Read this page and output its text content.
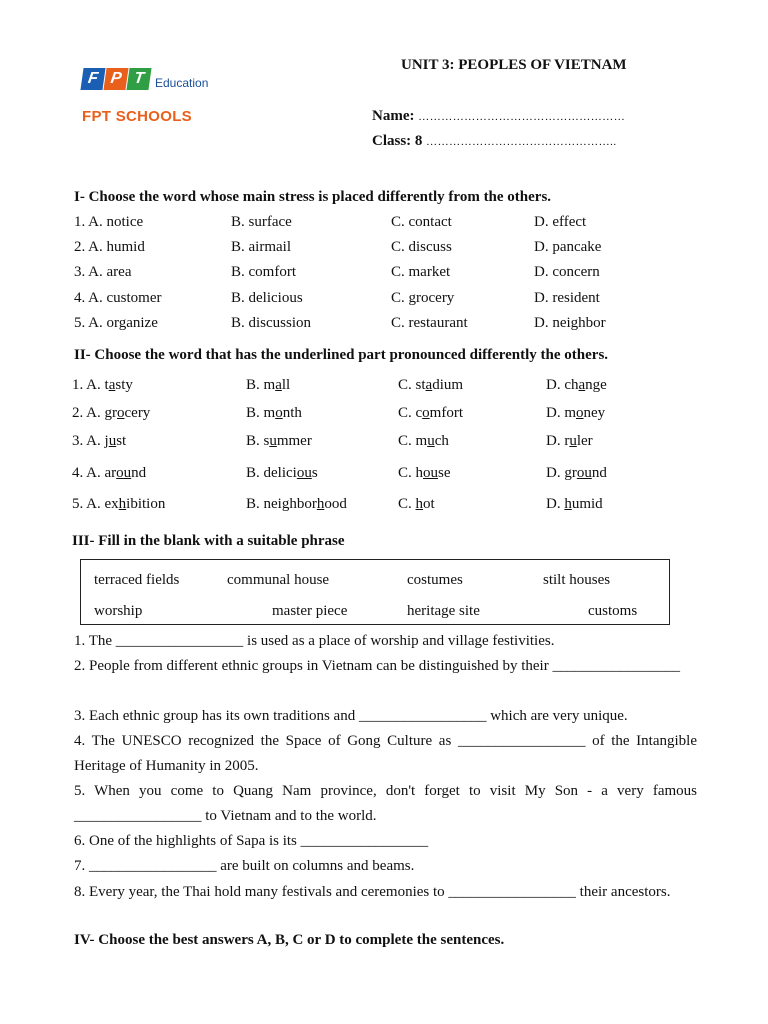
F P T Education
FPT SCHOOLS
UNIT 3: PEOPLES OF VIETNAM
Name: ………………………………………………
Class: 8 …………………………………………..
I- Choose the word whose main stress is placed differently from the others.
1. A. notice	B. surface	C. contact	D. effect
2. A. humid	B. airmail	C. discuss	D. pancake
3. A. area	B. comfort	C. market	D. concern
4. A. customer	B. delicious	C. grocery	D. resident
5. A. organize	B. discussion	C. restaurant	D. neighbor
II- Choose the word that has the underlined part pronounced differently the others.
1. A. tasty	B. mall	C. stadium	D. change
2. A. grocery	B. month	C. comfort	D. money
3. A. just	B. summer	C. much	D. ruler
4. A. around	B. delicious	C. house	D. ground
5. A. exhibition	B. neighborhood	C. hot	D. humid
III- Fill in the blank with a suitable phrase
terraced fields	communal house	costumes	stilt houses
worship	master piece	heritage site	customs
1. The _________________ is used as a place of worship and village festivities.
2. People from different ethnic groups in Vietnam can be distinguished by their _________________
3. Each ethnic group has its own traditions and _________________ which are very unique.
4. The UNESCO recognized the Space of Gong Culture as _________________ of the Intangible Heritage of Humanity in 2005.
5. When you come to Quang Nam province, don't forget to visit My Son - a very famous _________________ to Vietnam and to the world.
6. One of the highlights of Sapa is its _________________
7. _________________ are built on columns and beams.
8. Every year, the Thai hold many festivals and ceremonies to _________________ their ancestors.
IV- Choose the best answers A, B, C or D to complete the sentences.
